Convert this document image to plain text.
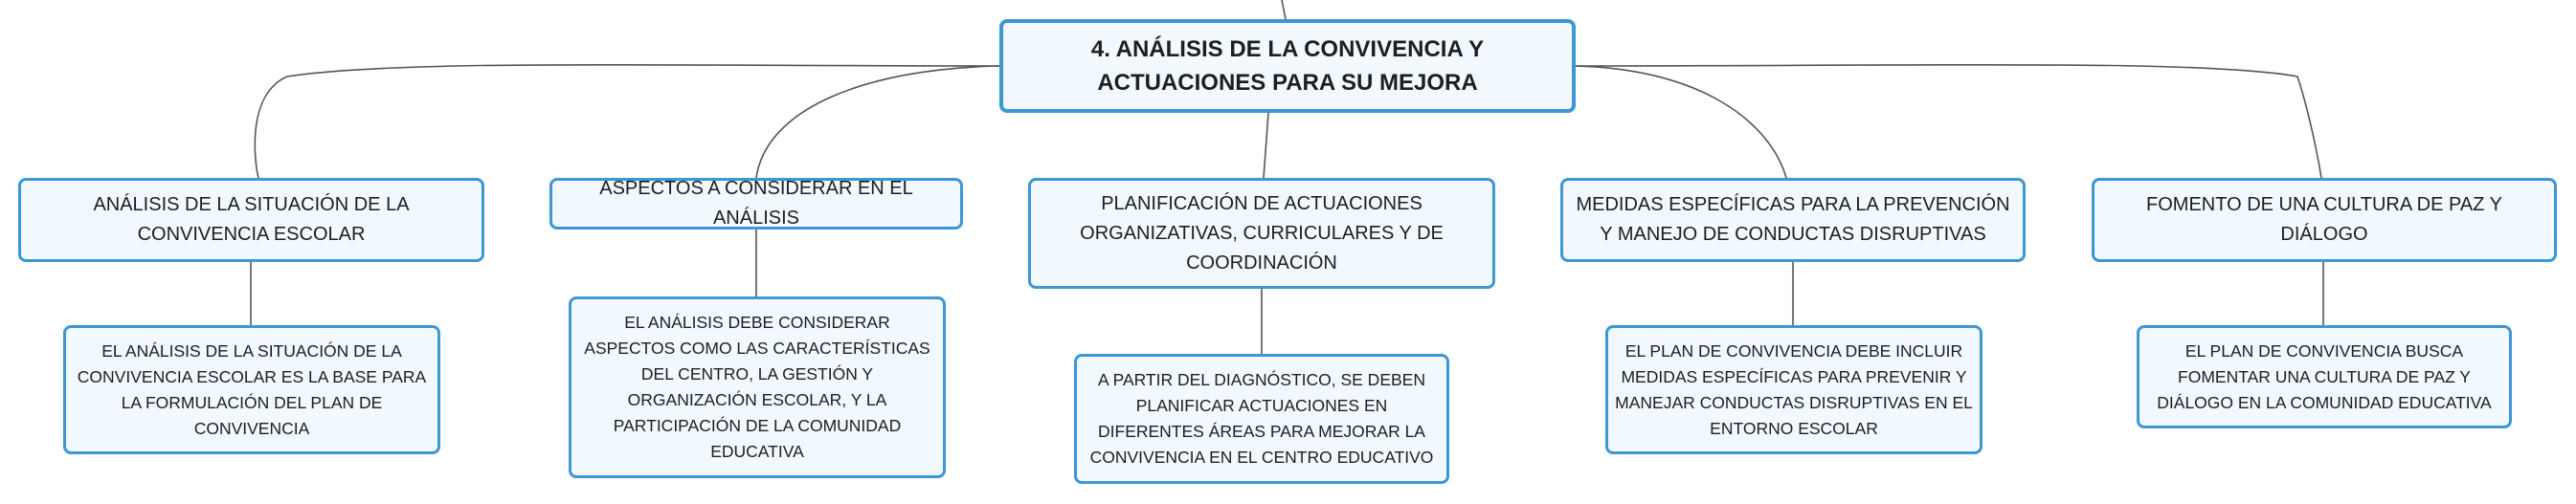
4. ANÁLISIS DE LA CONVIVENCIA Y ACTUACIONES PARA SU MEJORA
ANÁLISIS DE LA SITUACIÓN DE LA CONVIVENCIA ESCOLAR
ASPECTOS A CONSIDERAR EN EL ANÁLISIS
PLANIFICACIÓN DE ACTUACIONES ORGANIZATIVAS, CURRICULARES Y DE COORDINACIÓN
MEDIDAS ESPECÍFICAS PARA LA PREVENCIÓN Y MANEJO DE CONDUCTAS DISRUPTIVAS
FOMENTO DE UNA CULTURA DE PAZ Y DIÁLOGO
EL ANÁLISIS DE LA SITUACIÓN DE LA CONVIVENCIA ESCOLAR ES LA BASE PARA LA FORMULACIÓN DEL PLAN DE CONVIVENCIA
EL ANÁLISIS DEBE CONSIDERAR ASPECTOS COMO LAS CARACTERÍSTICAS DEL CENTRO, LA GESTIÓN Y ORGANIZACIÓN ESCOLAR, Y LA PARTICIPACIÓN DE LA COMUNIDAD EDUCATIVA
A PARTIR DEL DIAGNÓSTICO, SE DEBEN PLANIFICAR ACTUACIONES EN DIFERENTES ÁREAS PARA MEJORAR LA CONVIVENCIA EN EL CENTRO EDUCATIVO
EL PLAN DE CONVIVENCIA DEBE INCLUIR MEDIDAS ESPECÍFICAS PARA PREVENIR Y MANEJAR CONDUCTAS DISRUPTIVAS EN EL ENTORNO ESCOLAR
EL PLAN DE CONVIVENCIA BUSCA FOMENTAR UNA CULTURA DE PAZ Y DIÁLOGO EN LA COMUNIDAD EDUCATIVA
